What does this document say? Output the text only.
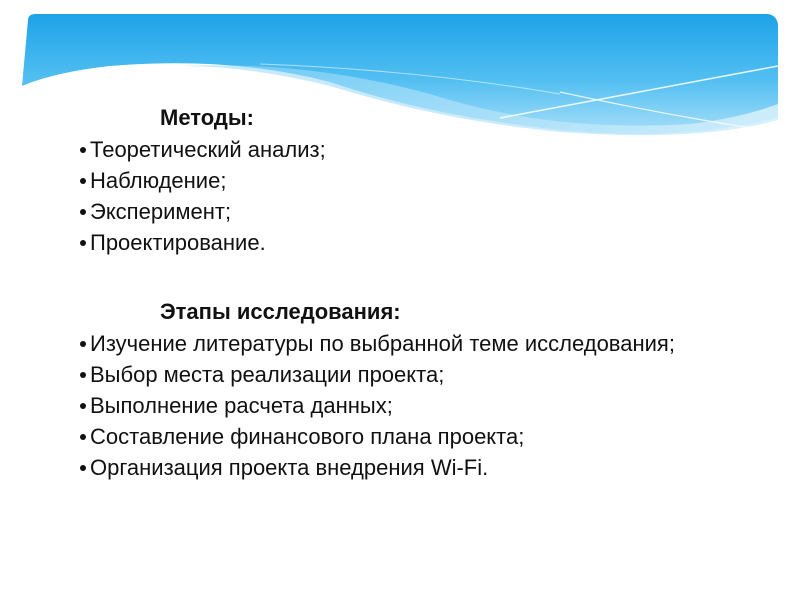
Методы:
Теоретический анализ;
Наблюдение;
Эксперимент;
Проектирование.
Этапы исследования:
Изучение литературы по выбранной теме исследования;
Выбор места реализации проекта;
Выполнение расчета данных;
Составление финансового плана проекта;
Организация проекта внедрения Wi-Fi.
